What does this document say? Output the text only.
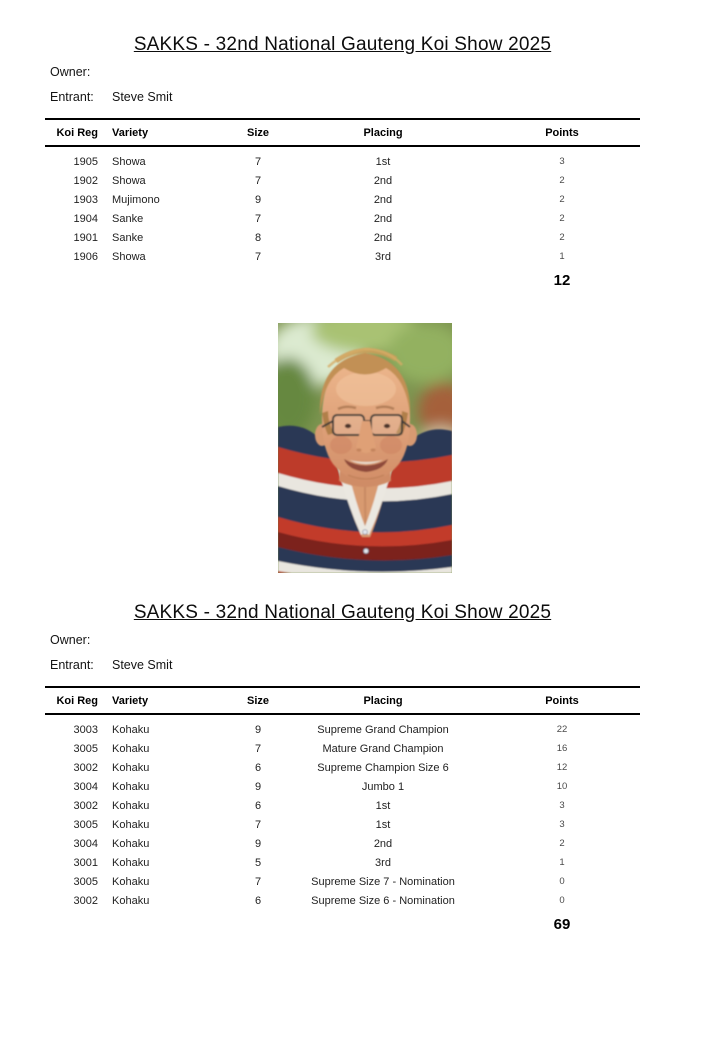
SAKKS - 32nd National Gauteng Koi Show 2025

Owner:

Entrant: Steve Smit

Koi Reg	Variety	Size	Placing	Points
1905	Showa	7	1st	3
1902	Showa	7	2nd	2
1903	Mujimono	9	2nd	2
1904	Sanke	7	2nd	2
1901	Sanke	8	2nd	2
1906	Showa	7	3rd	1
				12
SAKKS - 32nd National Gauteng Koi Show 2025

Owner:

Entrant: Steve Smit

Koi Reg	Variety	Size	Placing	Points
3003	Kohaku	9	Supreme Grand Champion	22
3005	Kohaku	7	Mature Grand Champion	16
3002	Kohaku	6	Supreme Champion Size 6	12
3004	Kohaku	9	Jumbo 1	10
3002	Kohaku	6	1st	3
3005	Kohaku	7	1st	3
3004	Kohaku	9	2nd	2
3001	Kohaku	5	3rd	1
3005	Kohaku	7	Supreme Size 7 - Nomination	0
3002	Kohaku	6	Supreme Size 6 - Nomination	0
				69
